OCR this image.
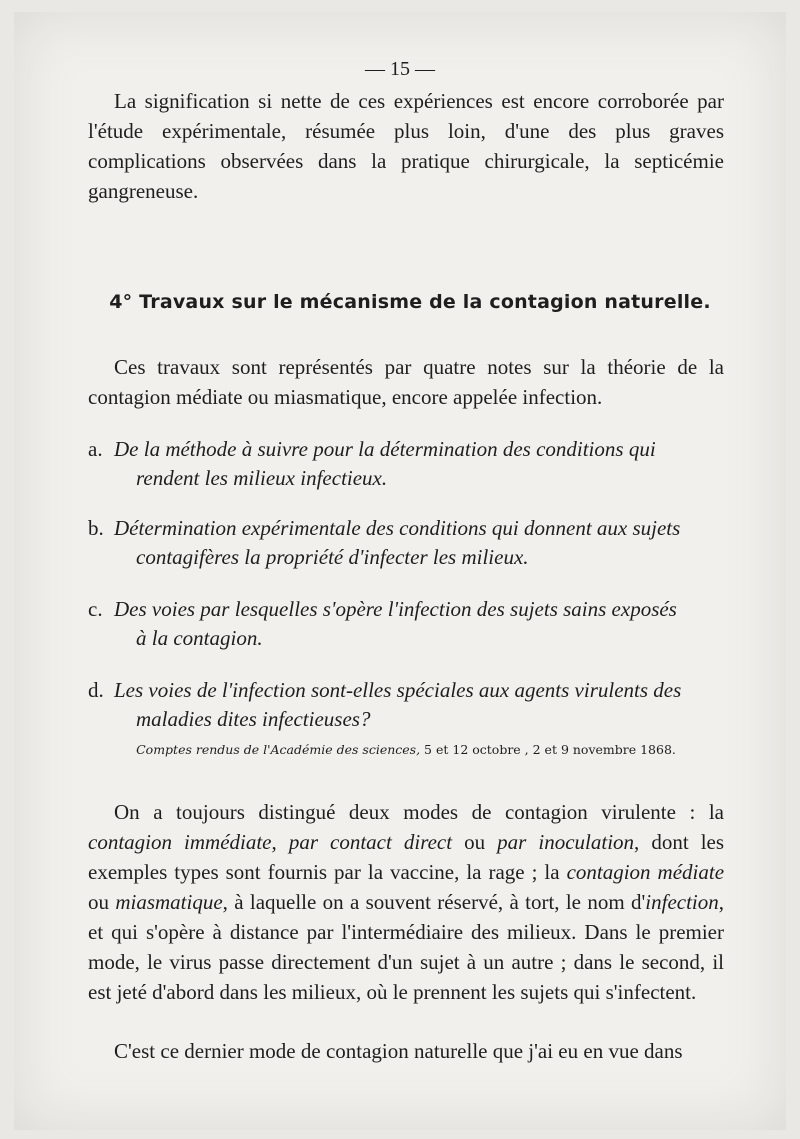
— 15 —

La signification si nette de ces expériences est encore corroborée par l'étude expérimentale, résumée plus loin, d'une des plus graves complications observées dans la pratique chirurgicale, la septicémie gangreneuse.

4° Travaux sur le mécanisme de la contagion naturelle.

Ces travaux sont représentés par quatre notes sur la théorie de la contagion médiate ou miasmatique, encore appelée infection.

a. De la méthode à suivre pour la détermination des conditions qui
rendent les milieux infectieux.
b. Détermination expérimentale des conditions qui donnent aux sujets
contagifères la propriété d'infecter les milieux.
c. Des voies par lesquelles s'opère l'infection des sujets sains exposés
à la contagion.
d. Les voies de l'infection sont-elles spéciales aux agents virulents des
maladies dites infectieuses?
Comptes rendus de l'Académie des sciences, 5 et 12 octobre , 2 et 9 novembre 1868.

On a toujours distingué deux modes de contagion virulente : la contagion immédiate, par contact direct ou par inoculation, dont les exemples types sont fournis par la vaccine, la rage ; la contagion médiate ou miasmatique, à laquelle on a souvent réservé, à tort, le nom d'infection, et qui s'opère à distance par l'intermédiaire des milieux. Dans le premier mode, le virus passe directement d'un sujet à un autre ; dans le second, il est jeté d'abord dans les milieux, où le prennent les sujets qui s'infectent.

C'est ce dernier mode de contagion naturelle que j'ai eu en vue dans
